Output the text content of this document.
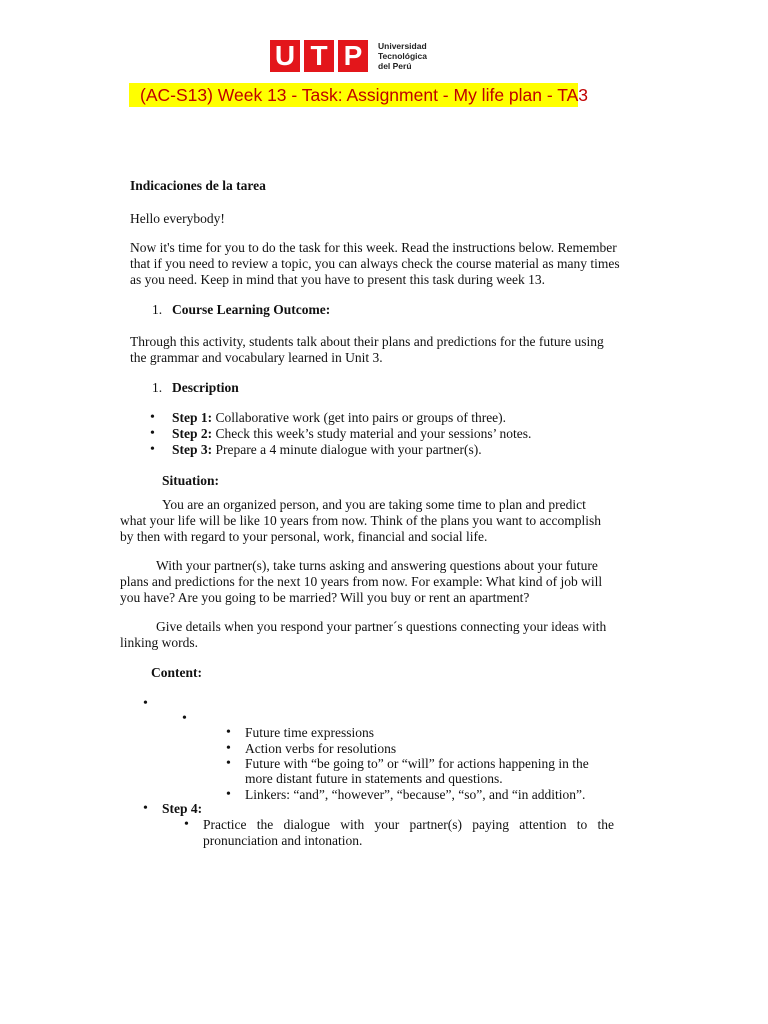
U T P	Universidad
Tecnológica
del Perú
(AC-S13) Week 13 - Task: Assignment - My life plan - TA3
Indicaciones de la tarea
Hello everybody!
Now it's time for you to do the task for this week. Read the instructions below. Remember
that if you need to review a topic, you can always check the course material as many times
as you need. Keep in mind that you have to present this task during week 13.
1. Course Learning Outcome:
Through this activity, students talk about their plans and predictions for the future using
the grammar and vocabulary learned in Unit 3.
1. Description
• Step 1: Collaborative work (get into pairs or groups of three).
• Step 2: Check this week’s study material and your sessions’ notes.
• Step 3: Prepare a 4 minute dialogue with your partner(s).
Situation:
You are an organized person, and you are taking some time to plan and predict
what your life will be like 10 years from now. Think of the plans you want to accomplish
by then with regard to your personal, work, financial and social life.
With your partner(s), take turns asking and answering questions about your future
plans and predictions for the next 10 years from now. For example: What kind of job will
you have? Are you going to be married? Will you buy or rent an apartment?
Give details when you respond your partner´s questions connecting your ideas with
linking words.
Content:
•
•
• Future time expressions
• Action verbs for resolutions
• Future with “be going to” or “will” for actions happening in the
more distant future in statements and questions.
• Linkers: “and”, “however”, “because”, “so”, and “in addition”.
• Step 4:
• Practice the dialogue with your partner(s) paying attention to the
pronunciation and intonation.
